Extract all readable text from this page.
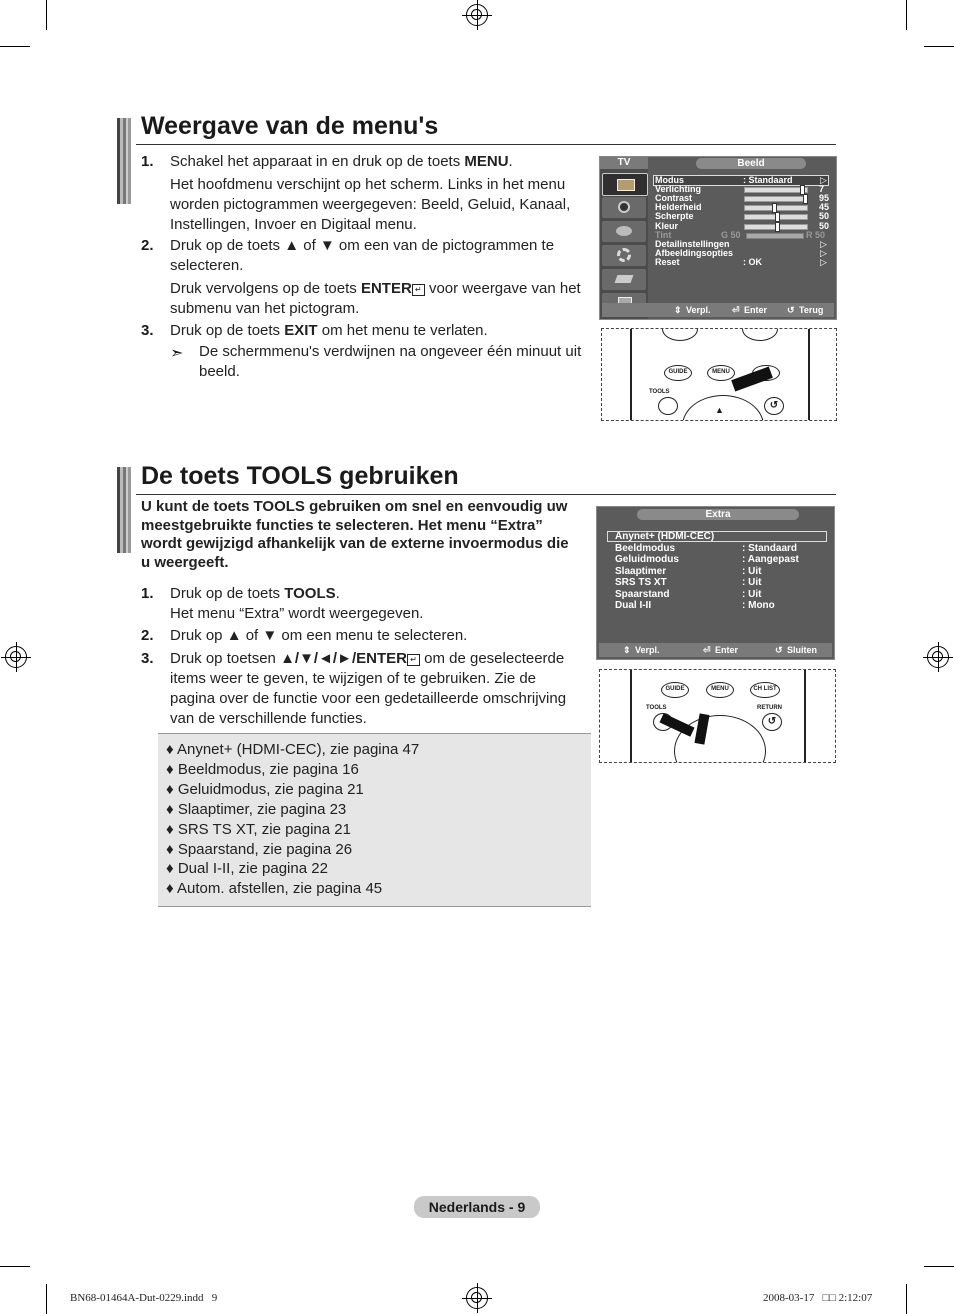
Weergave van de menu's
1. Schakel het apparaat in en druk op de toets MENU.
Het hoofdmenu verschijnt op het scherm. Links in het menu worden pictogrammen weergegeven: Beeld, Geluid, Kanaal, Instellingen, Invoer en Digitaal menu.
2. Druk op de toets ▲ of ▼ om een van de pictogrammen te selecteren.
Druk vervolgens op de toets ENTER ↵ voor weergave van het submenu van het pictogram.
3. Druk op de toets EXIT om het menu te verlaten.
➣ De schermmenu's verdwijnen na ongeveer één minuut uit beeld.
TV	Beeld
⇕ Verpl. ⏎ Enter ↺ Terug
Modus	: Standaard	▷
Verlichting	7
Contrast	95
Helderheid	45
Scherpte	50
Kleur	50
Tint	G 50	R 50
Detailinstellingen	▷
Afbeeldingsopties	▷
Reset	: OK	▷
GUIDE	MENU
TOOLS
↺
▲
De toets TOOLS gebruiken
U kunt de toets TOOLS gebruiken om snel en eenvoudig uw meestgebruikte functies te selecteren. Het menu “Extra” wordt gewijzigd afhankelijk van de externe invoermodus die u weergeeft.
1. Druk op de toets TOOLS.
Het menu “Extra” wordt weergegeven.
2. Druk op ▲ of ▼ om een menu te selecteren.
3. Druk op toetsen ▲/▼/◄/►/ENTER ↵ om de geselecteerde items weer te geven, te wijzigen of te gebruiken. Zie de pagina over de functie voor een gedetailleerde omschrijving van de verschillende functies.
Extra
⇕ Verpl.	⏎ Enter	↺ Sluiten
Anynet+ (HDMI-CEC)
Beeldmodus	: Standaard
Geluidmodus	: Aangepast
Slaaptimer	: Uit
SRS TS XT	: Uit
Spaarstand	: Uit
Dual I-II	: Mono
GUIDE	MENU	CH LIST
TOOLS	RETURN
↺
♦ Anynet+ (HDMI-CEC), zie pagina 47
♦ Beeldmodus, zie pagina 16
♦ Geluidmodus, zie pagina 21
♦ Slaaptimer, zie pagina 23
♦ SRS TS XT, zie pagina 21
♦ Spaarstand, zie pagina 26
♦ Dual I-II, zie pagina 22
♦ Autom. afstellen, zie pagina 45
Nederlands - 9
BN68-01464A-Dut-0229.indd   9	2008-03-17   □□ 2:12:07
